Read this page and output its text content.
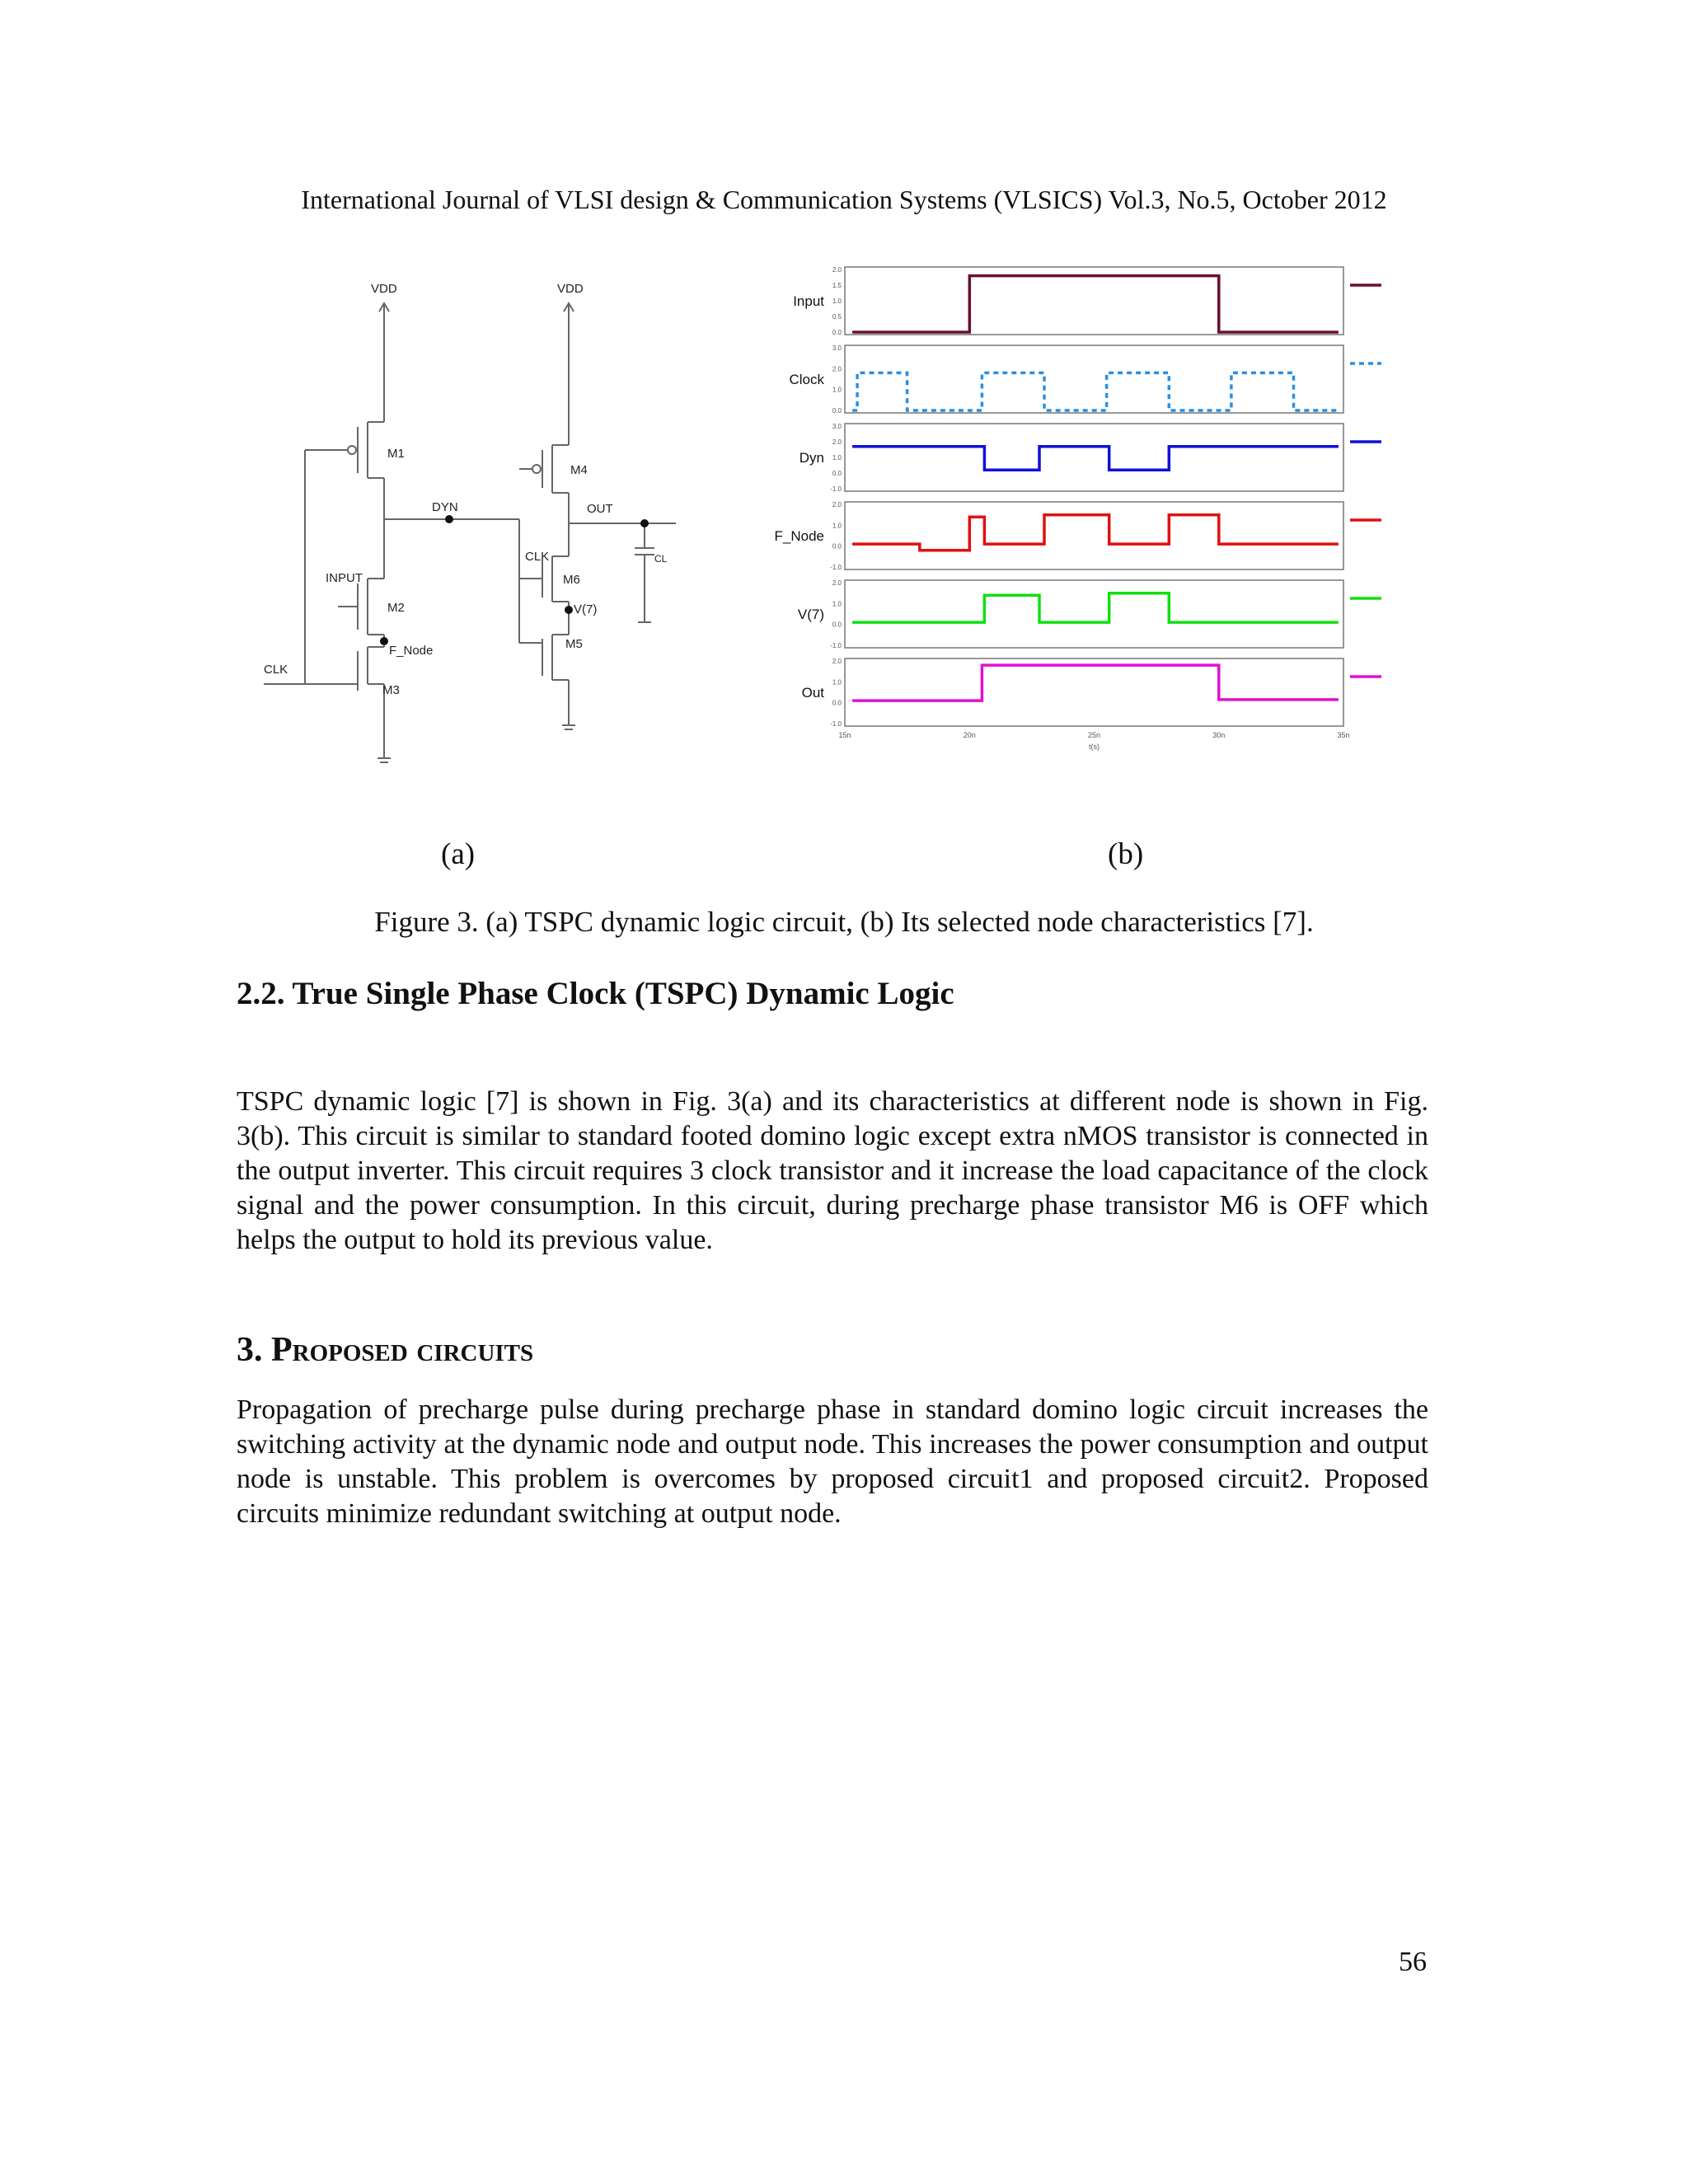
International Journal of VLSI design & Communication Systems (VLSICS) Vol.3, No.5, October 2012
VDD	VDD
M1
M4
DYN	OUT
CLK	CL
INPUT	M6
M2	V(7)
M5
F_Node
CLK
M3
Input
2.0
1.5
1.0
0.5
0.0
Clock
3.0
2.0
1.0
0.0
Dyn
3.0
2.0
1.0
0.0
-1.0
F_Node
2.0
1.0
0.0
-1.0
V(7)
2.0
1.0
0.0
-1.0
Out
2.0
1.0
0.0
-1.0
15n	20n	25n	30n	35n
t(s)
(a)	(b)
Figure 3. (a) TSPC dynamic logic circuit, (b) Its selected node characteristics [7].
2.2. True Single Phase Clock (TSPC) Dynamic Logic
TSPC dynamic logic [7] is shown in Fig. 3(a) and its characteristics at different node is shown in Fig. 3(b). This circuit is similar to standard footed domino logic except extra nMOS transistor is connected in the output inverter. This circuit requires 3 clock transistor and it increase the load capacitance of the clock signal and the power consumption. In this circuit, during precharge phase transistor M6 is OFF which helps the output to hold its previous value.
3. Proposed circuits
Propagation of precharge pulse during precharge phase in standard domino logic circuit increases the switching activity at the dynamic node and output node. This increases the power consumption and output node is unstable. This problem is overcomes by proposed circuit1 and proposed circuit2. Proposed circuits minimize redundant switching at output node.
56
